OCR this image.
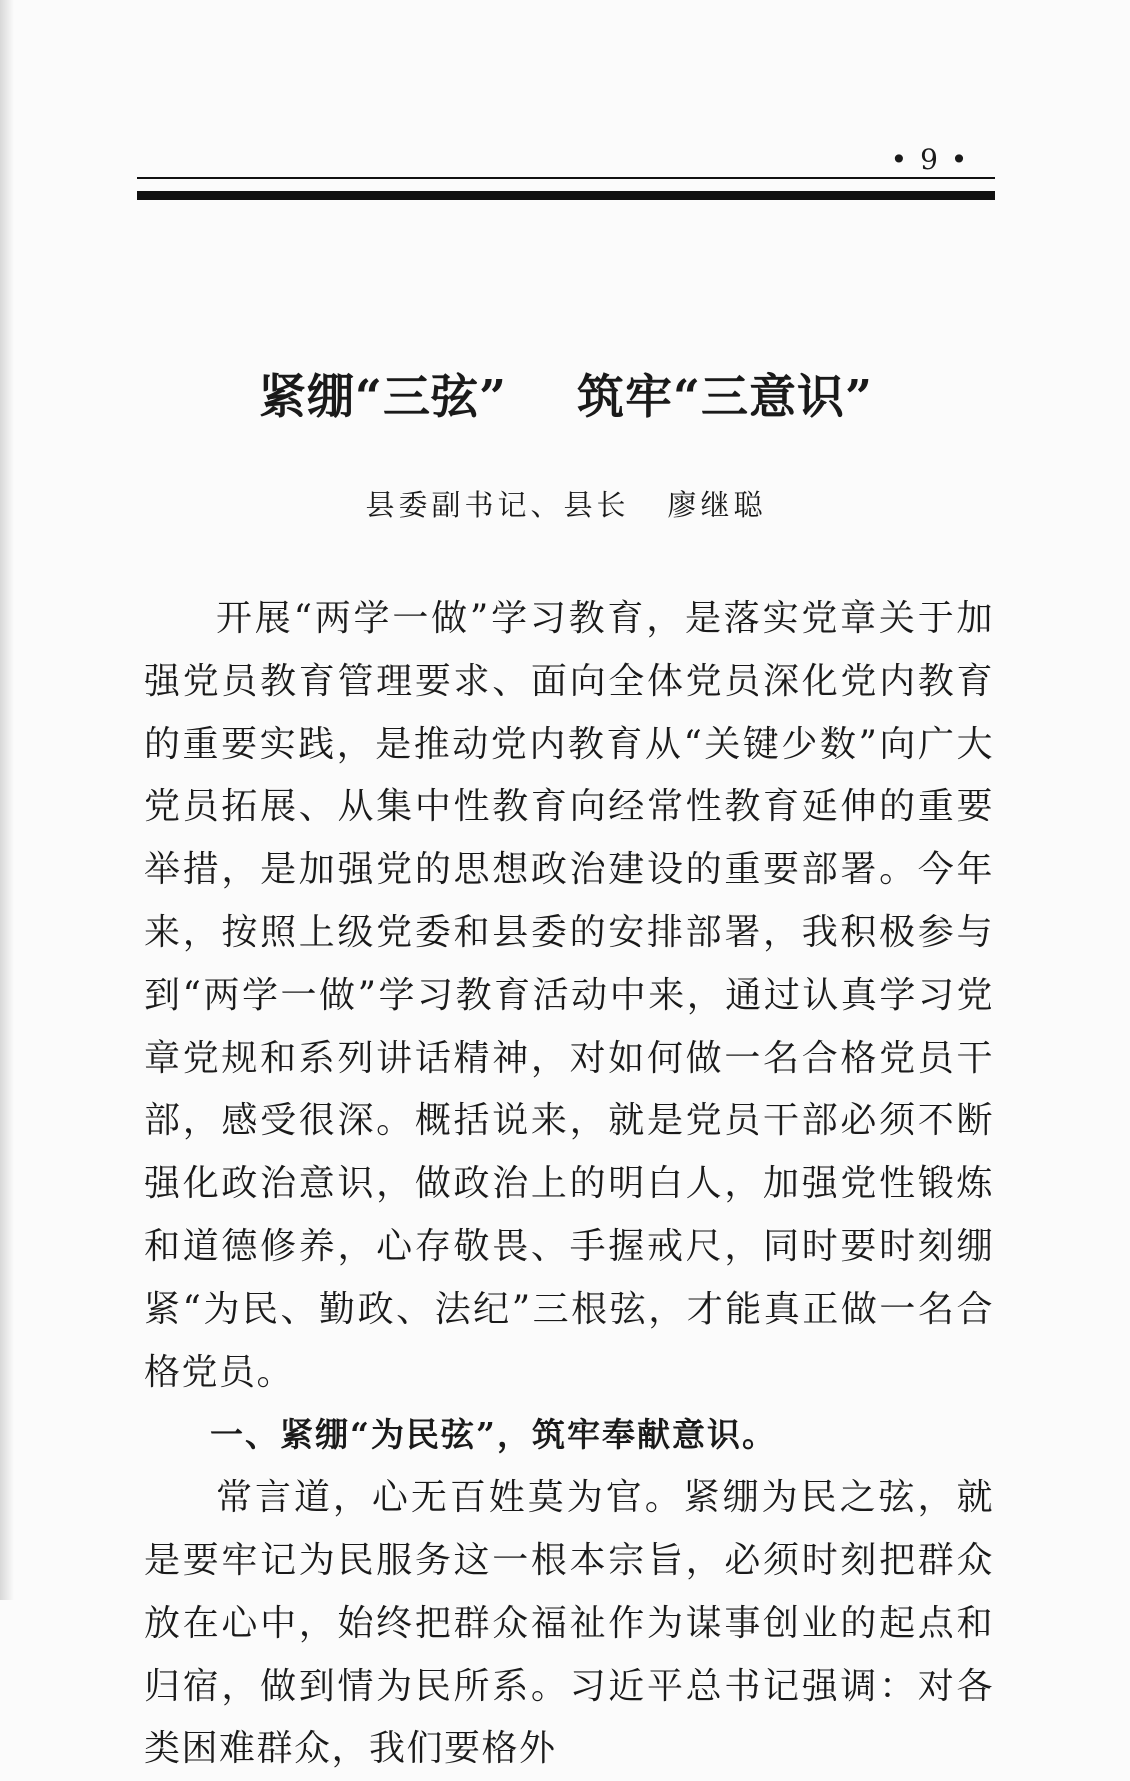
• 9 •
紧绷“三弦” 筑牢“三意识”
县委副书记、县长 廖继聪

开展“两学一做”学习教育，是落实党章关于加强党员教育管理要求、面向全体党员深化党内教育的重要实践，是推动党内教育从“关键少数”向广大党员拓展、从集中性教育向经常性教育延伸的重要举措，是加强党的思想政治建设的重要部署。今年来，按照上级党委和县委的安排部署，我积极参与到“两学一做”学习教育活动中来，通过认真学习党章党规和系列讲话精神，对如何做一名合格党员干部，感受很深。概括说来，就是党员干部必须不断强化政治意识，做政治上的明白人，加强党性锻炼和道德修养，心存敬畏、手握戒尺，同时要时刻绷紧“为民、勤政、法纪”三根弦，才能真正做一名合格党员。

一、紧绷“为民弦”，筑牢奉献意识。

常言道，心无百姓莫为官。紧绷为民之弦，就是要牢记为民服务这一根本宗旨，必须时刻把群众放在心中，始终把群众福祉作为谋事创业的起点和归宿，做到情为民所系。习近平总书记强调：对各类困难群众，我们要格外
